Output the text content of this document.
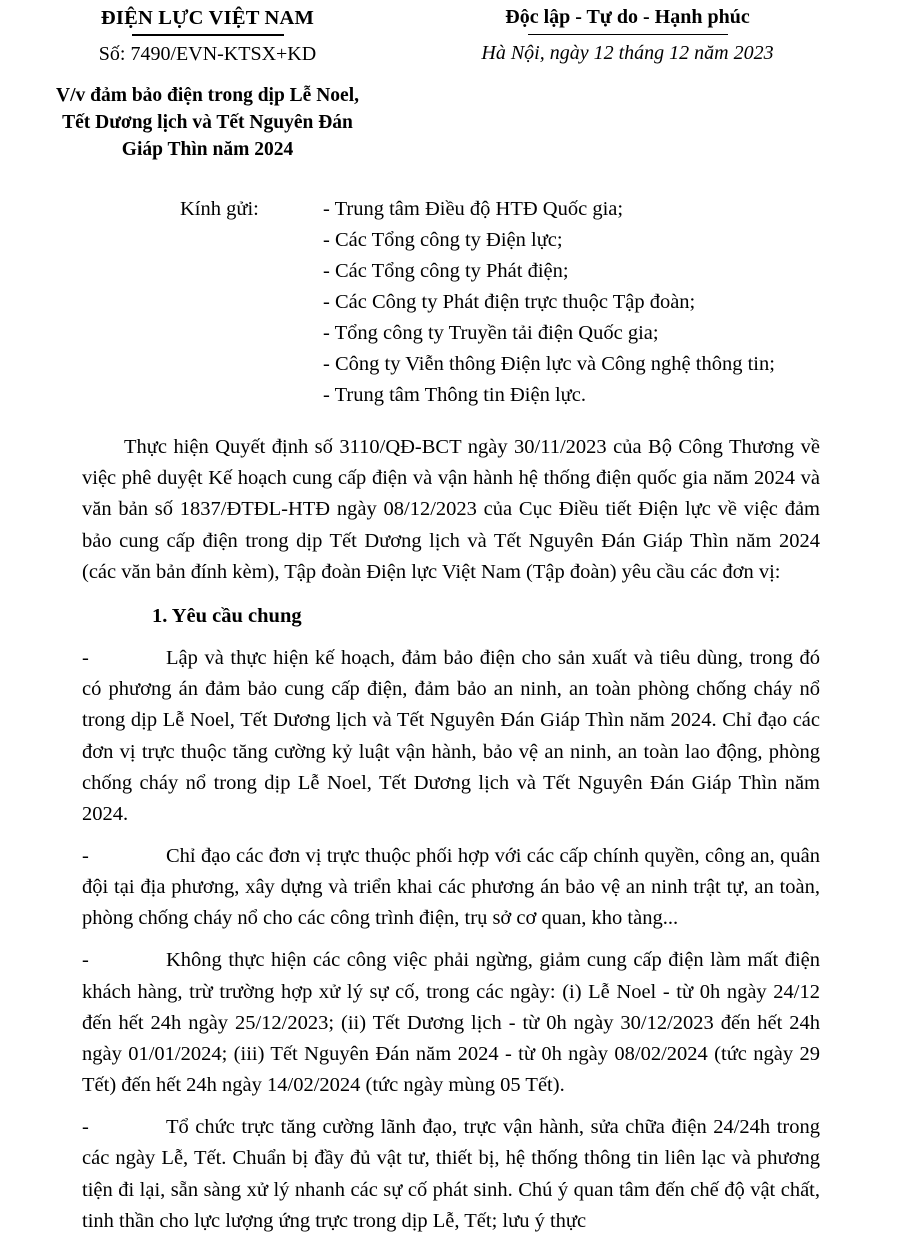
ĐIỆN LỰC VIỆT NAM
Số: 7490/EVN-KTSX+KD
Độc lập - Tự do - Hạnh phúc
Hà Nội, ngày 12 tháng 12 năm 2023
V/v đảm bảo điện trong dịp Lễ Noel,
Tết Dương lịch và Tết Nguyên Đán
Giáp Thìn năm 2024
Kính gửi:	- Trung tâm Điều độ HTĐ Quốc gia;
- Các Tổng công ty Điện lực;
- Các Tổng công ty Phát điện;
- Các Công ty Phát điện trực thuộc Tập đoàn;
- Tổng công ty Truyền tải điện Quốc gia;
- Công ty Viễn thông Điện lực và Công nghệ thông tin;
- Trung tâm Thông tin Điện lực.

Thực hiện Quyết định số 3110/QĐ-BCT ngày 30/11/2023 của Bộ Công Thương về việc phê duyệt Kế hoạch cung cấp điện và vận hành hệ thống điện quốc gia năm 2024 và văn bản số 1837/ĐTĐL-HTĐ ngày 08/12/2023 của Cục Điều tiết Điện lực về việc đảm bảo cung cấp điện trong dịp Tết Dương lịch và Tết Nguyên Đán Giáp Thìn năm 2024 (các văn bản đính kèm), Tập đoàn Điện lực Việt Nam (Tập đoàn) yêu cầu các đơn vị:

1. Yêu cầu chung

-	Lập và thực hiện kế hoạch, đảm bảo điện cho sản xuất và tiêu dùng, trong đó có phương án đảm bảo cung cấp điện, đảm bảo an ninh, an toàn phòng chống cháy nổ trong dịp Lễ Noel, Tết Dương lịch và Tết Nguyên Đán Giáp Thìn năm 2024. Chỉ đạo các đơn vị trực thuộc tăng cường kỷ luật vận hành, bảo vệ an ninh, an toàn lao động, phòng chống cháy nổ trong dịp Lễ Noel, Tết Dương lịch và Tết Nguyên Đán Giáp Thìn năm 2024.

-	Chỉ đạo các đơn vị trực thuộc phối hợp với các cấp chính quyền, công an, quân đội tại địa phương, xây dựng và triển khai các phương án bảo vệ an ninh trật tự, an toàn, phòng chống cháy nổ cho các công trình điện, trụ sở cơ quan, kho tàng...

-	Không thực hiện các công việc phải ngừng, giảm cung cấp điện làm mất điện khách hàng, trừ trường hợp xử lý sự cố, trong các ngày: (i) Lễ Noel - từ 0h ngày 24/12 đến hết 24h ngày 25/12/2023; (ii) Tết Dương lịch - từ 0h ngày 30/12/2023 đến hết 24h ngày 01/01/2024; (iii) Tết Nguyên Đán năm 2024 - từ 0h ngày 08/02/2024 (tức ngày 29 Tết) đến hết 24h ngày 14/02/2024 (tức ngày mùng 05 Tết).

-	Tổ chức trực tăng cường lãnh đạo, trực vận hành, sửa chữa điện 24/24h trong các ngày Lễ, Tết. Chuẩn bị đầy đủ vật tư, thiết bị, hệ thống thông tin liên lạc và phương tiện đi lại, sẵn sàng xử lý nhanh các sự cố phát sinh. Chú ý quan tâm đến chế độ vật chất, tinh thần cho lực lượng ứng trực trong dịp Lễ, Tết; lưu ý thực
